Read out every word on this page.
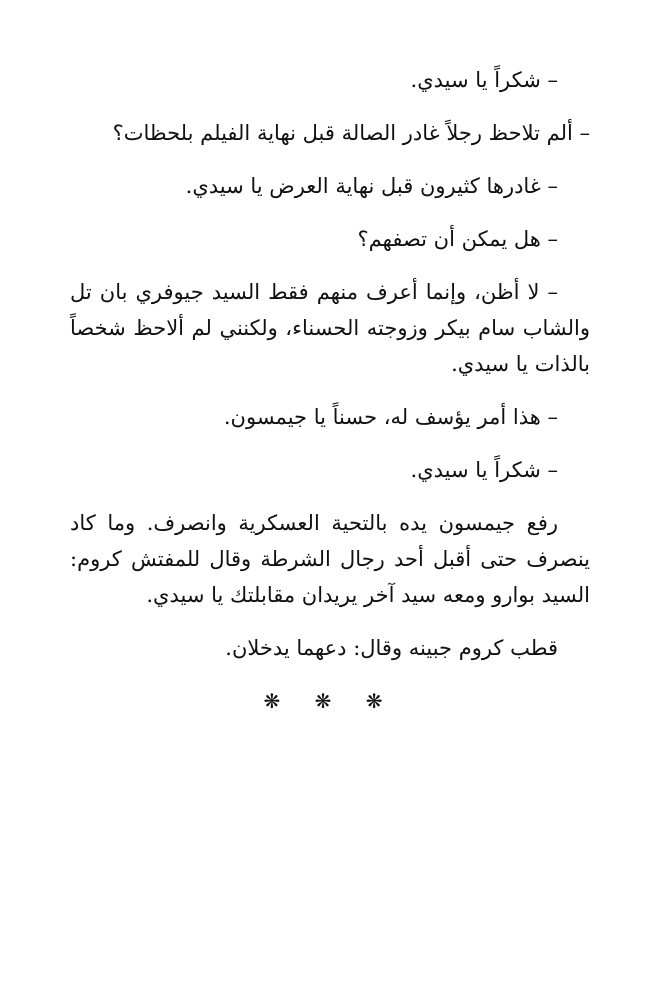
– شكراً يا سيدي.

– ألم تلاحظ رجلاً غادر الصالة قبل نهاية الفيلم بلحظات؟

– غادرها كثيرون قبل نهاية العرض يا سيدي.

– هل يمكن أن تصفهم؟

– لا أظن، وإنما أعرف منهم فقط السيد جيوفري بان تل والشاب سام بيكر وزوجته الحسناء، ولكنني لم ألاحظ شخصاً بالذات يا سيدي.

– هذا أمر يؤسف له، حسناً يا جيمسون.

– شكراً يا سيدي.

رفع جيمسون يده بالتحية العسكرية وانصرف. وما كاد ينصرف حتى أقبل أحد رجال الشرطة وقال للمفتش كروم: السيد بوارو ومعه سيد آخر يريدان مقابلتك يا سيدي.

قطب كروم جبينه وقال: دعهما يدخلان.

❋ ❋ ❋
